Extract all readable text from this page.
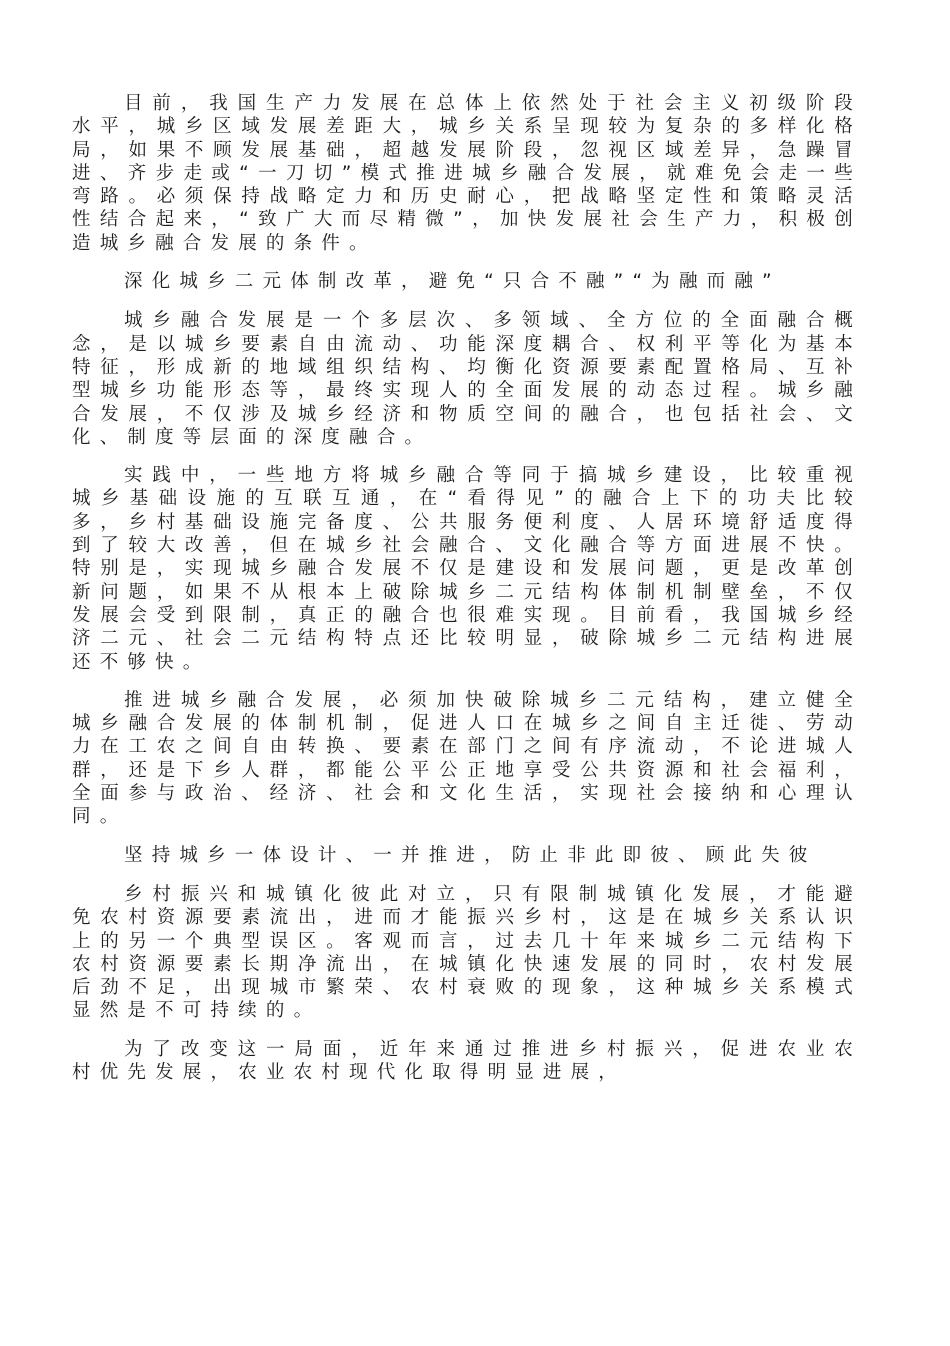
目前，我国生产力发展在总体上依然处于社会主义初级阶段水平，城乡区域发展差距大，城乡关系呈现较为复杂的多样化格局，如果不顾发展基础，超越发展阶段，忽视区域差异，急躁冒进、齐步走或“一刀切”模式推进城乡融合发展，就难免会走一些弯路。必须保持战略定力和历史耐心，把战略坚定性和策略灵活性结合起来，“致广大而尽精微”，加快发展社会生产力，积极创造城乡融合发展的条件。

深化城乡二元体制改革，避免“只合不融”“为融而融”

城乡融合发展是一个多层次、多领域、全方位的全面融合概念，是以城乡要素自由流动、功能深度耦合、权利平等化为基本特征，形成新的地域组织结构、均衡化资源要素配置格局、互补型城乡功能形态等，最终实现人的全面发展的动态过程。城乡融合发展，不仅涉及城乡经济和物质空间的融合，也包括社会、文化、制度等层面的深度融合。

实践中，一些地方将城乡融合等同于搞城乡建设，比较重视城乡基础设施的互联互通，在“看得见”的融合上下的功夫比较多，乡村基础设施完备度、公共服务便利度、人居环境舒适度得到了较大改善，但在城乡社会融合、文化融合等方面进展不快。特别是，实现城乡融合发展不仅是建设和发展问题，更是改革创新问题，如果不从根本上破除城乡二元结构体制机制壁垒，不仅发展会受到限制，真正的融合也很难实现。目前看，我国城乡经济二元、社会二元结构特点还比较明显，破除城乡二元结构进展还不够快。

推进城乡融合发展，必须加快破除城乡二元结构，建立健全城乡融合发展的体制机制，促进人口在城乡之间自主迁徙、劳动力在工农之间自由转换、要素在部门之间有序流动，不论进城人群，还是下乡人群，都能公平公正地享受公共资源和社会福利，全面参与政治、经济、社会和文化生活，实现社会接纳和心理认同。

坚持城乡一体设计、一并推进，防止非此即彼、顾此失彼

乡村振兴和城镇化彼此对立，只有限制城镇化发展，才能避免农村资源要素流出，进而才能振兴乡村，这是在城乡关系认识上的另一个典型误区。客观而言，过去几十年来城乡二元结构下农村资源要素长期净流出，在城镇化快速发展的同时，农村发展后劲不足，出现城市繁荣、农村衰败的现象，这种城乡关系模式显然是不可持续的。

为了改变这一局面，近年来通过推进乡村振兴，促进农业农村优先发展，农业农村现代化取得明显进展，
